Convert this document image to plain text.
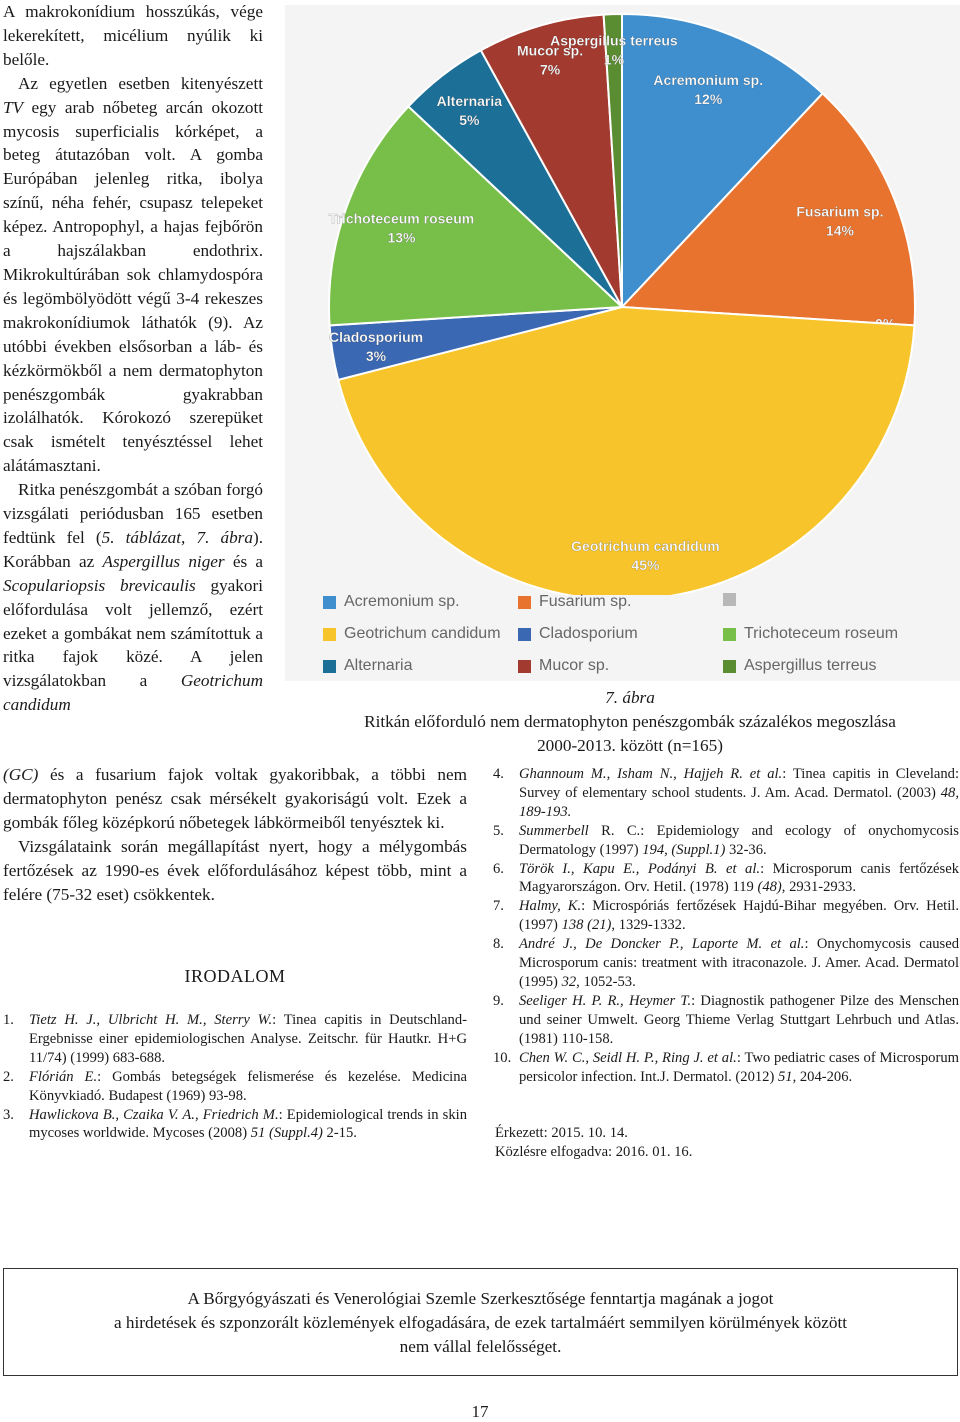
A makrokonídium hosszúkás, vége lekerekített, micélium nyúlik ki belőle.

Az egyetlen esetben kitenyészett TV egy arab nőbeteg arcán okozott mycosis superficialis kórképet, a beteg átutazóban volt. A gomba Európában jelenleg ritka, ibolya színű, néha fehér, csupasz telepeket képez. Antropophyl, a hajas fejbőrön a hajszálakban endothrix. Mikrokultúrában sok chlamydospóra és legömbölyödött végű 3-4 rekeszes makrokonídiumok láthatók (9). Az utóbbi években elsősorban a láb- és kézkörmökből a nem dermatophyton penészgombák gyakrabban izolálhatók. Kórokozó szerepüket csak ismételt tenyésztéssel lehet alátámasztani.

Ritka penészgombát a szóban forgó vizsgálati periódusban 165 esetben fedtünk fel (5. táblázat, 7. ábra). Korábban az Aspergillus niger és a Scopulariopsis brevicaulis gyakori előfordulása volt jellemző, ezért ezeket a gombákat nem számítottuk a ritka fajok közé. A jelen vizsgálatokban a Geotrichum candidum

(GC) és a fusarium fajok voltak gyakoribbak, a többi nem dermatophyton penész csak mérsékelt gyakoriságú volt. Ezek a gombák főleg középkorú nőbetegek lábkörmeiből tenyésztek ki.

Vizsgálataink során megállapítást nyert, hogy a mélygombás fertőzések az 1990-es évek előfordulásához képest több, mint a felére (75-32 eset) csökkentek.

Acremonium sp.
12%
Fusarium sp.
14%
Geotrichum candidum
45%
Cladosporium
3%
Trichoteceum roseum
13%
Alternaria
5%
Mucor sp.
7%
Aspergillus terreus
1%
Acremonium sp.	Fusarium sp.
Geotrichum candidum Cladosporium	Trichoteceum roseum
Alternaria	Mucor sp.	Aspergillus terreus
7. ábra
Ritkán előforduló nem dermatophyton penészgombák százalékos megoszlása
2000-2013. között (n=165)
IRODALOM
1. Tietz H. J., Ulbricht H. M., Sterry W.: Tinea capitis in Deutschland- Ergebnisse einer epidemiologischen Analyse. Zeitschr. für Hautkr. H+G 11/74) (1999) 683-688.
2. Flórián E.: Gombás betegségek felismerése és kezelése. Medicina Könyvkiadó. Budapest (1969) 93-98.
3. Hawlickova B., Czaika V. A., Friedrich M.: Epidemiological trends in skin mycoses worldwide. Mycoses (2008) 51 (Suppl.4) 2-15.
4. Ghannoum M., Isham N., Hajjeh R. et al.: Tinea capitis in Cleveland: Survey of elementary school students. J. Am. Acad. Dermatol. (2003) 48, 189-193.
5. Summerbell R. C.: Epidemiology and ecology of onychomycosis Dermatology (1997) 194, (Suppl.1) 32-36.
6. Török I., Kapu E., Podányi B. et al.: Microsporum canis fertőzések Magyarországon. Orv. Hetil. (1978) 119 (48), 2931-2933.
7. Halmy, K.: Microspóriás fertőzések Hajdú-Bihar megyében. Orv. Hetil. (1997) 138 (21), 1329-1332.
8. André J., De Doncker P., Laporte M. et al.: Onychomycosis caused Microsporum canis: treatment with itraconazole. J. Amer. Acad. Dermatol (1995) 32, 1052-53.
9. Seeliger H. P. R., Heymer T.: Diagnostik pathogener Pilze des Menschen und seiner Umwelt. Georg Thieme Verlag Stuttgart Lehrbuch und Atlas. (1981) 110-158.
10. Chen W. C., Seidl H. P., Ring J. et al.: Two pediatric cases of Microsporum persicolor infection. Int.J. Dermatol. (2012) 51, 204-206.
Érkezett: 2015. 10. 14.
Közlésre elfogadva: 2016. 01. 16.
A Bőrgyógyászati és Venerológiai Szemle Szerkesztősége fenntartja magának a jogot
a hirdetések és szponzorált közlemények elfogadására, de ezek tartalmáért semmilyen körülmények között
nem vállal felelősséget.
17
